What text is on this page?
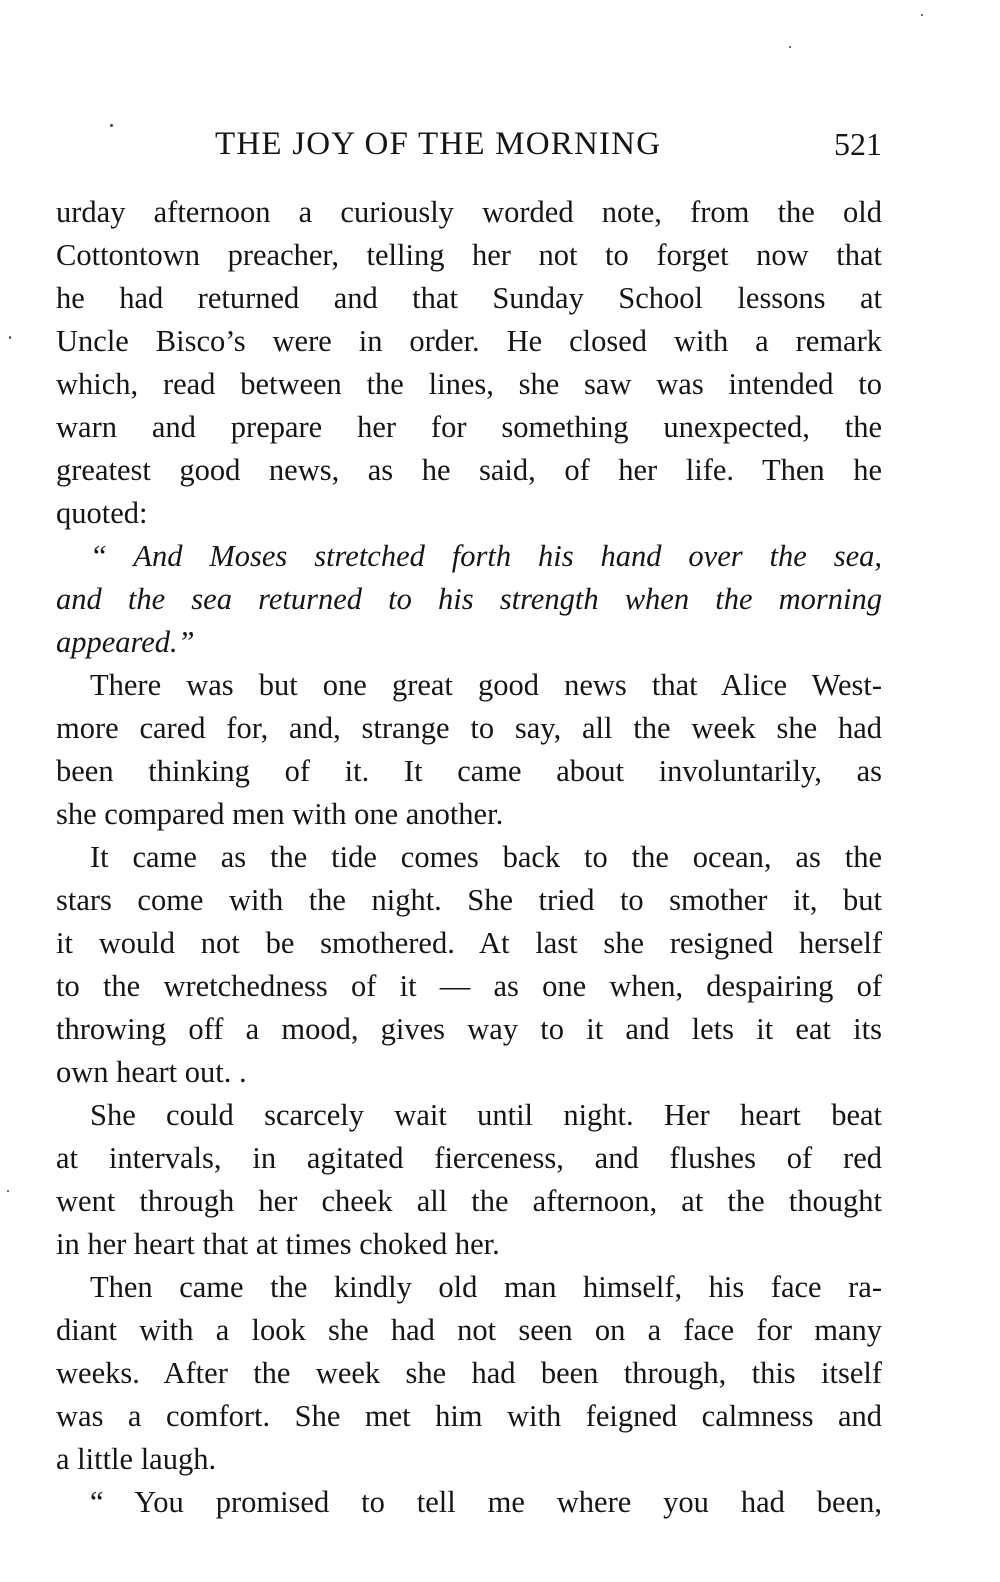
THE JOY OF THE MORNING	521
urday afternoon a curiously worded note, from the old
Cottontown preacher, telling her not to forget now that
he had returned and that Sunday School lessons at
Uncle Bisco’s were in order. He closed with a remark
which, read between the lines, she saw was intended to
warn and prepare her for something unexpected, the
greatest good news, as he said, of her life. Then he
quoted:
“ And Moses stretched forth his hand over the sea,
and the sea returned to his strength when the morning
appeared.”
There was but one great good news that Alice West-
more cared for, and, strange to say, all the week she had
been thinking of it. It came about involuntarily, as
she compared men with one another.
It came as the tide comes back to the ocean, as the
stars come with the night. She tried to smother it, but
it would not be smothered. At last she resigned herself
to the wretchedness of it — as one when, despairing of
throwing off a mood, gives way to it and lets it eat its
own heart out. .
She could scarcely wait until night. Her heart beat
at intervals, in agitated fierceness, and flushes of red
went through her cheek all the afternoon, at the thought
in her heart that at times choked her.
Then came the kindly old man himself, his face ra-
diant with a look she had not seen on a face for many
weeks. After the week she had been through, this itself
was a comfort. She met him with feigned calmness and
a little laugh.
“ You promised to tell me where you had been,
